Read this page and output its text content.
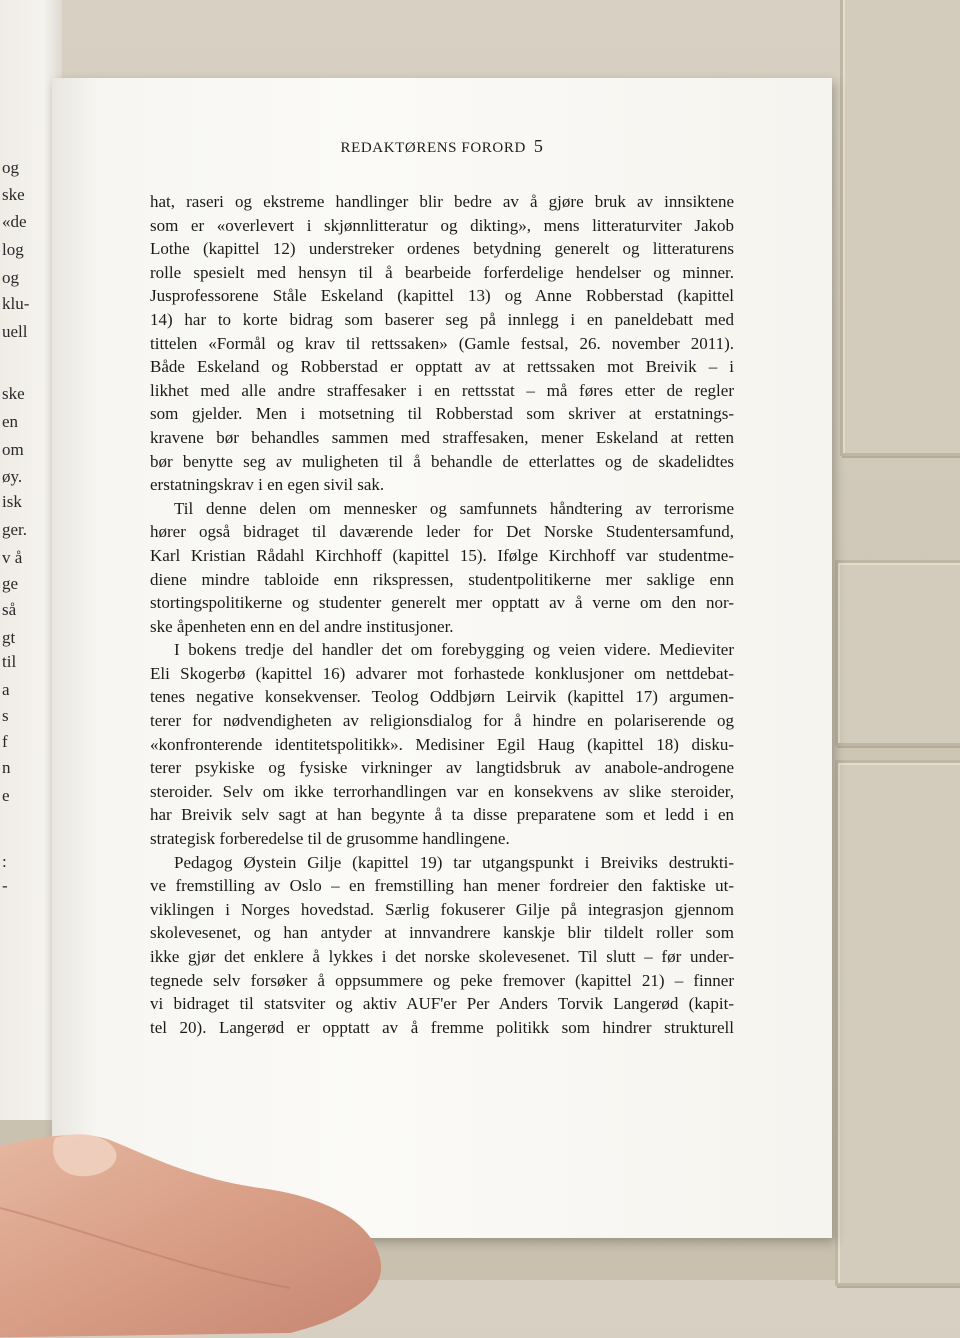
og
ske
«de
log
og
klu-
uell
ske
en
om
øy.
isk
ger.
v å
ge
så
gt
til
a
s
f
n
e
:
-
REDAKTØRENS FORORD 5
hat, raseri og ekstreme handlinger blir bedre av å gjøre bruk av innsiktene
som er «overlevert i skjønnlitteratur og dikting», mens litteraturviter Jakob
Lothe (kapittel 12) understreker ordenes betydning generelt og litteraturens
rolle spesielt med hensyn til å bearbeide forferdelige hendelser og minner.
Jusprofessorene Ståle Eskeland (kapittel 13) og Anne Robberstad (kapittel
14) har to korte bidrag som baserer seg på innlegg i en paneldebatt med
tittelen «Formål og krav til rettssaken» (Gamle festsal, 26. november 2011).
Både Eskeland og Robberstad er opptatt av at rettssaken mot Breivik – i
likhet med alle andre straffesaker i en rettsstat – må føres etter de regler
som gjelder. Men i motsetning til Robberstad som skriver at erstatnings-
kravene bør behandles sammen med straffesaken, mener Eskeland at retten
bør benytte seg av muligheten til å behandle de etterlattes og de skadelidtes
erstatningskrav i en egen sivil sak.
Til denne delen om mennesker og samfunnets håndtering av terrorisme
hører også bidraget til daværende leder for Det Norske Studentersamfund,
Karl Kristian Rådahl Kirchhoff (kapittel 15). Ifølge Kirchhoff var studentme-
diene mindre tabloide enn rikspressen, studentpolitikerne mer saklige enn
stortingspolitikerne og studenter generelt mer opptatt av å verne om den nor-
ske åpenheten enn en del andre institusjoner.
I bokens tredje del handler det om forebygging og veien videre. Medieviter
Eli Skogerbø (kapittel 16) advarer mot forhastede konklusjoner om nettdebat-
tenes negative konsekvenser. Teolog Oddbjørn Leirvik (kapittel 17) argumen-
terer for nødvendigheten av religionsdialog for å hindre en polariserende og
«konfronterende identitetspolitikk». Medisiner Egil Haug (kapittel 18) disku-
terer psykiske og fysiske virkninger av langtidsbruk av anabole-androgene
steroider. Selv om ikke terrorhandlingen var en konsekvens av slike steroider,
har Breivik selv sagt at han begynte å ta disse preparatene som et ledd i en
strategisk forberedelse til de grusomme handlingene.
Pedagog Øystein Gilje (kapittel 19) tar utgangspunkt i Breiviks destrukti-
ve fremstilling av Oslo – en fremstilling han mener fordreier den faktiske ut-
viklingen i Norges hovedstad. Særlig fokuserer Gilje på integrasjon gjennom
skolevesenet, og han antyder at innvandrere kanskje blir tildelt roller som
ikke gjør det enklere å lykkes i det norske skolevesenet. Til slutt – før under-
tegnede selv forsøker å oppsummere og peke fremover (kapittel 21) – finner
vi bidraget til statsviter og aktiv AUF'er Per Anders Torvik Langerød (kapit-
tel 20). Langerød er opptatt av å fremme politikk som hindrer strukturell
